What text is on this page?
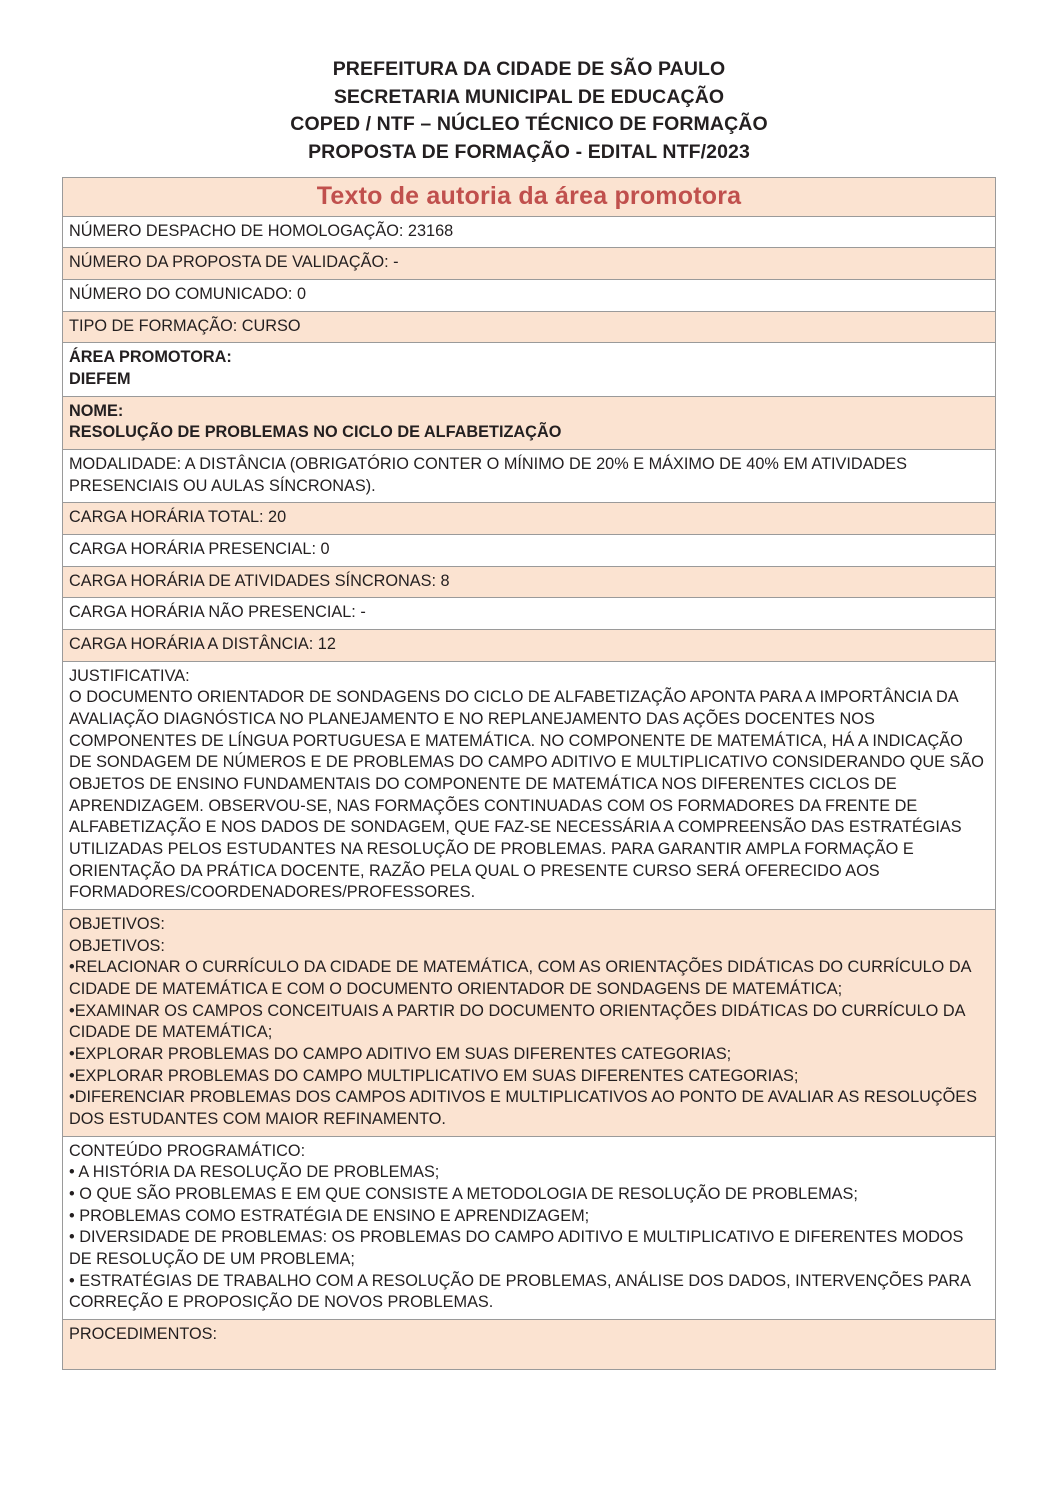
PREFEITURA DA CIDADE DE SÃO PAULO
SECRETARIA MUNICIPAL DE EDUCAÇÃO
COPED / NTF – NÚCLEO TÉCNICO DE FORMAÇÃO
PROPOSTA DE FORMAÇÃO - EDITAL NTF/2023
Texto de autoria da área promotora
NÚMERO DESPACHO DE HOMOLOGAÇÃO: 23168
NÚMERO DA PROPOSTA DE VALIDAÇÃO: -
NÚMERO DO COMUNICADO: 0
TIPO DE FORMAÇÃO: CURSO

ÁREA PROMOTORA:

DIEFEM

NOME:

RESOLUÇÃO DE PROBLEMAS NO CICLO DE ALFABETIZAÇÃO

MODALIDADE: A DISTÂNCIA (OBRIGATÓRIO CONTER O MÍNIMO DE 20% E MÁXIMO DE 40% EM ATIVIDADES PRESENCIAIS OU AULAS SÍNCRONAS).
CARGA HORÁRIA TOTAL: 20
CARGA HORÁRIA PRESENCIAL: 0
CARGA HORÁRIA DE ATIVIDADES SÍNCRONAS: 8
CARGA HORÁRIA NÃO PRESENCIAL: -
CARGA HORÁRIA A DISTÂNCIA: 12

JUSTIFICATIVA:

O DOCUMENTO ORIENTADOR DE SONDAGENS DO CICLO DE ALFABETIZAÇÃO APONTA PARA A IMPORTÂNCIA DA AVALIAÇÃO DIAGNÓSTICA NO PLANEJAMENTO E NO REPLANEJAMENTO DAS AÇÕES DOCENTES NOS COMPONENTES DE LÍNGUA PORTUGUESA E MATEMÁTICA. NO COMPONENTE DE MATEMÁTICA, HÁ A INDICAÇÃO DE SONDAGEM DE NÚMEROS E DE PROBLEMAS DO CAMPO ADITIVO E MULTIPLICATIVO CONSIDERANDO QUE SÃO OBJETOS DE ENSINO FUNDAMENTAIS DO COMPONENTE DE MATEMÁTICA NOS DIFERENTES CICLOS DE APRENDIZAGEM. OBSERVOU-SE, NAS FORMAÇÕES CONTINUADAS COM OS FORMADORES DA FRENTE DE ALFABETIZAÇÃO E NOS DADOS DE SONDAGEM, QUE FAZ-SE NECESSÁRIA A COMPREENSÃO DAS ESTRATÉGIAS UTILIZADAS PELOS ESTUDANTES NA RESOLUÇÃO DE PROBLEMAS. PARA GARANTIR AMPLA FORMAÇÃO E ORIENTAÇÃO DA PRÁTICA DOCENTE, RAZÃO PELA QUAL O PRESENTE CURSO SERÁ OFERECIDO AOS FORMADORES/COORDENADORES/PROFESSORES.

OBJETIVOS:

OBJETIVOS:

•RELACIONAR O CURRÍCULO DA CIDADE DE MATEMÁTICA, COM AS ORIENTAÇÕES DIDÁTICAS DO CURRÍCULO DA CIDADE DE MATEMÁTICA E COM O DOCUMENTO ORIENTADOR DE SONDAGENS DE MATEMÁTICA;

•EXAMINAR OS CAMPOS CONCEITUAIS A PARTIR DO DOCUMENTO ORIENTAÇÕES DIDÁTICAS DO CURRÍCULO DA CIDADE DE MATEMÁTICA;

•EXPLORAR PROBLEMAS DO CAMPO ADITIVO EM SUAS DIFERENTES CATEGORIAS;

•EXPLORAR PROBLEMAS DO CAMPO MULTIPLICATIVO EM SUAS DIFERENTES CATEGORIAS;

•DIFERENCIAR PROBLEMAS DOS CAMPOS ADITIVOS E MULTIPLICATIVOS AO PONTO DE AVALIAR AS RESOLUÇÕES DOS ESTUDANTES COM MAIOR REFINAMENTO.

CONTEÚDO PROGRAMÁTICO:

• A HISTÓRIA DA RESOLUÇÃO DE PROBLEMAS;

• O QUE SÃO PROBLEMAS E EM QUE CONSISTE A METODOLOGIA DE RESOLUÇÃO DE PROBLEMAS;

• PROBLEMAS COMO ESTRATÉGIA DE ENSINO E APRENDIZAGEM;

• DIVERSIDADE DE PROBLEMAS: OS PROBLEMAS DO CAMPO ADITIVO E MULTIPLICATIVO E DIFERENTES MODOS DE RESOLUÇÃO DE UM PROBLEMA;

• ESTRATÉGIAS DE TRABALHO COM A RESOLUÇÃO DE PROBLEMAS, ANÁLISE DOS DADOS, INTERVENÇÕES PARA CORREÇÃO E PROPOSIÇÃO DE NOVOS PROBLEMAS.

PROCEDIMENTOS:
